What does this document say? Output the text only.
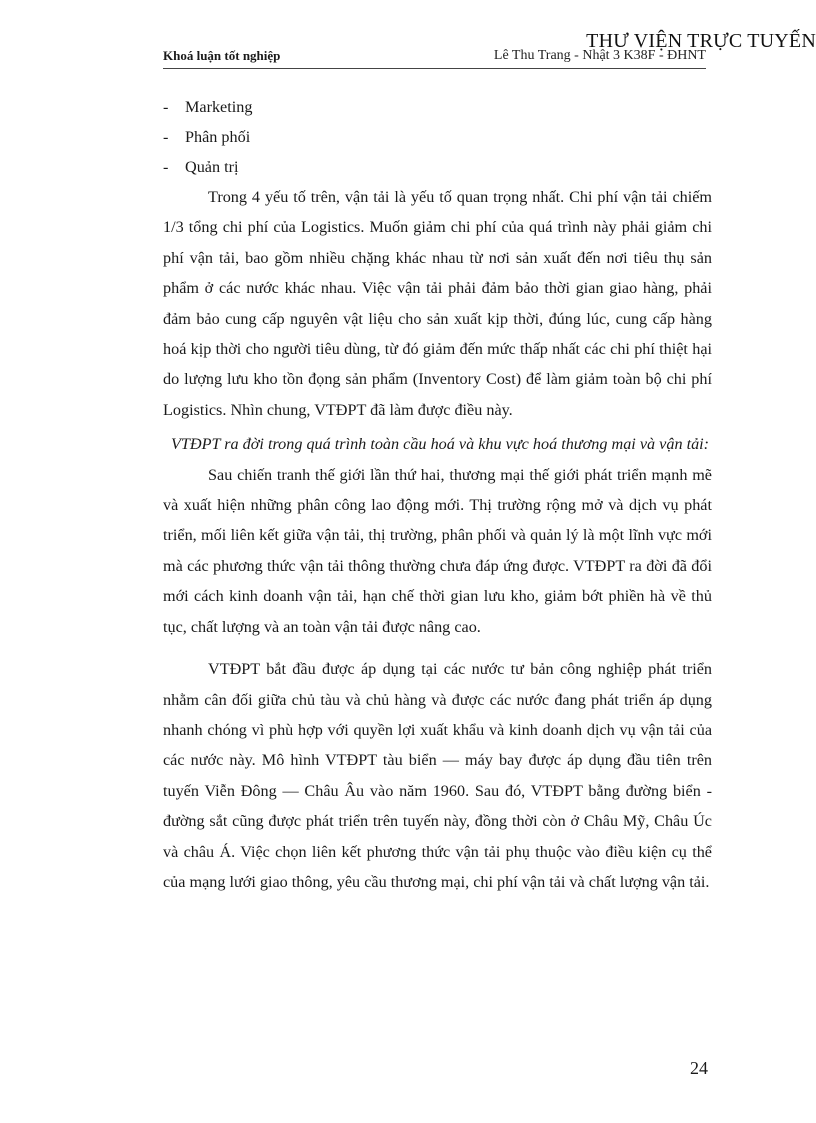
Khoá luận tốt nghiệp	Lê Thu Trang - Nhật 3 K38F - ĐHNT
THƯ VIỆN TRỰC TUYẾN
- Marketing
- Phân phối
- Quản trị

Trong 4 yếu tố trên, vận tải là yếu tố quan trọng nhất. Chi phí vận tải chiếm 1/3 tổng chi phí của Logistics. Muốn giảm chi phí của quá trình này phải giảm chi phí vận tải, bao gồm nhiều chặng khác nhau từ nơi sản xuất đến nơi tiêu thụ sản phẩm ở các nước khác nhau. Việc vận tải phải đảm bảo thời gian giao hàng, phải đảm bảo cung cấp nguyên vật liệu cho sản xuất kịp thời, đúng lúc, cung cấp hàng hoá kịp thời cho người tiêu dùng, từ đó giảm đến mức thấp nhất các chi phí thiệt hại do lượng lưu kho tồn đọng sản phẩm (Inventory Cost) để làm giảm toàn bộ chi phí Logistics. Nhìn chung, VTĐPT đã làm được điều này.

VTĐPT ra đời trong quá trình toàn cầu hoá và khu vực hoá thương mại và vận tải:

Sau chiến tranh thế giới lần thứ hai, thương mại thế giới phát triển mạnh mẽ và xuất hiện những phân công lao động mới. Thị trường rộng mở và dịch vụ phát triển, mối liên kết giữa vận tải, thị trường, phân phối và quản lý là một lĩnh vực mới mà các phương thức vận tải thông thường chưa đáp ứng được. VTĐPT ra đời đã đổi mới cách kinh doanh vận tải, hạn chế thời gian lưu kho, giảm bớt phiền hà về thủ tục, chất lượng và an toàn vận tải được nâng cao.

VTĐPT bắt đầu được áp dụng tại các nước tư bản công nghiệp phát triển nhằm cân đối giữa chủ tàu và chủ hàng và được các nước đang phát triển áp dụng nhanh chóng vì phù hợp với quyền lợi xuất khẩu và kinh doanh dịch vụ vận tải của các nước này. Mô hình VTĐPT tàu biển — máy bay được áp dụng đầu tiên trên tuyến Viễn Đông — Châu Âu vào năm 1960. Sau đó, VTĐPT bằng đường biển - đường sắt cũng được phát triển trên tuyến này, đồng thời còn ở Châu Mỹ, Châu Úc và châu Á. Việc chọn liên kết phương thức vận tải phụ thuộc vào điều kiện cụ thể của mạng lưới giao thông, yêu cầu thương mại, chi phí vận tải và chất lượng vận tải.

24
